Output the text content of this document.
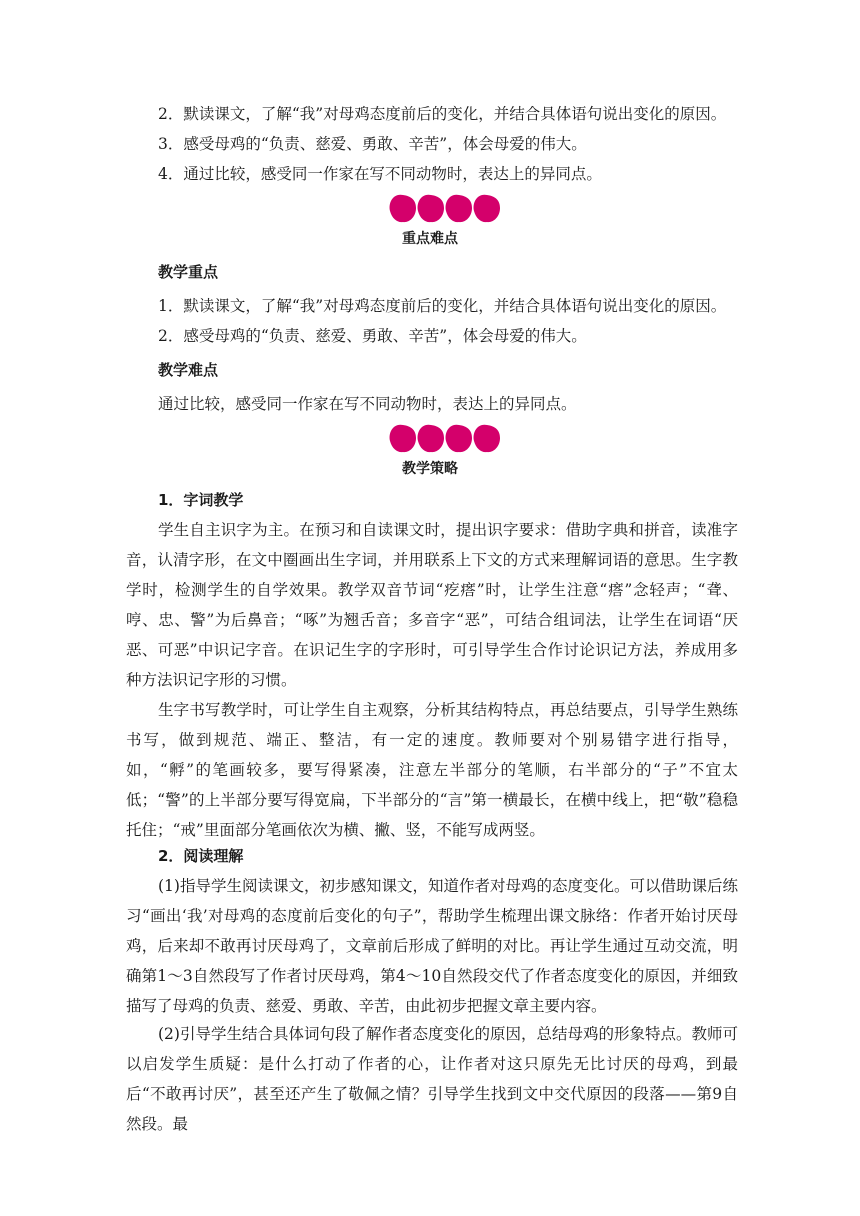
2．默读课文，了解“我”对母鸡态度前后的变化，并结合具体语句说出变化的原因。

3．感受母鸡的“负责、慈爱、勇敢、辛苦”，体会母爱的伟大。

4．通过比较，感受同一作家在写不同动物时，表达上的异同点。

重点难点

教学重点

1．默读课文，了解“我”对母鸡态度前后的变化，并结合具体语句说出变化的原因。

2．感受母鸡的“负责、慈爱、勇敢、辛苦”，体会母爱的伟大。

教学难点

通过比较，感受同一作家在写不同动物时，表达上的异同点。

教学策略

1．字词教学

学生自主识字为主。在预习和自读课文时，提出识字要求：借助字典和拼音，读准字音，认清字形，在文中圈画出生字词，并用联系上下文的方式来理解词语的意思。生字教学时，检测学生的自学效果。教学双音节词“疙瘩”时，让学生注意“瘩”念轻声；“聋、哼、忠、警”为后鼻音；“啄”为翘舌音；多音字“恶”，可结合组词法，让学生在词语“厌恶、可恶”中识记字音。在识记生字的字形时，可引导学生合作讨论识记方法，养成用多种方法识记字形的习惯。

生字书写教学时，可让学生自主观察，分析其结构特点，再总结要点，引导学生熟练书写，做到规范、端正、整洁，有一定的速度。教师要对个别易错字进行指导，如，“孵”的笔画较多，要写得紧凑，注意左半部分的笔顺，右半部分的“子”不宜太低；“警”的上半部分要写得宽扁，下半部分的“言”第一横最长，在横中线上，把“敬”稳稳托住；“戒”里面部分笔画依次为横、撇、竖，不能写成两竖。

2．阅读理解

(1)指导学生阅读课文，初步感知课文，知道作者对母鸡的态度变化。可以借助课后练习“画出‘我’对母鸡的态度前后变化的句子”，帮助学生梳理出课文脉络：作者开始讨厌母鸡，后来却不敢再讨厌母鸡了，文章前后形成了鲜明的对比。再让学生通过互动交流，明确第1～3自然段写了作者讨厌母鸡，第4～10自然段交代了作者态度变化的原因，并细致描写了母鸡的负责、慈爱、勇敢、辛苦，由此初步把握文章主要内容。

(2)引导学生结合具体词句段了解作者态度变化的原因，总结母鸡的形象特点。教师可以启发学生质疑：是什么打动了作者的心，让作者对这只原先无比讨厌的母鸡，到最后“不敢再讨厌”，甚至还产生了敬佩之情？引导学生找到文中交代原因的段落——第9自然段。最
